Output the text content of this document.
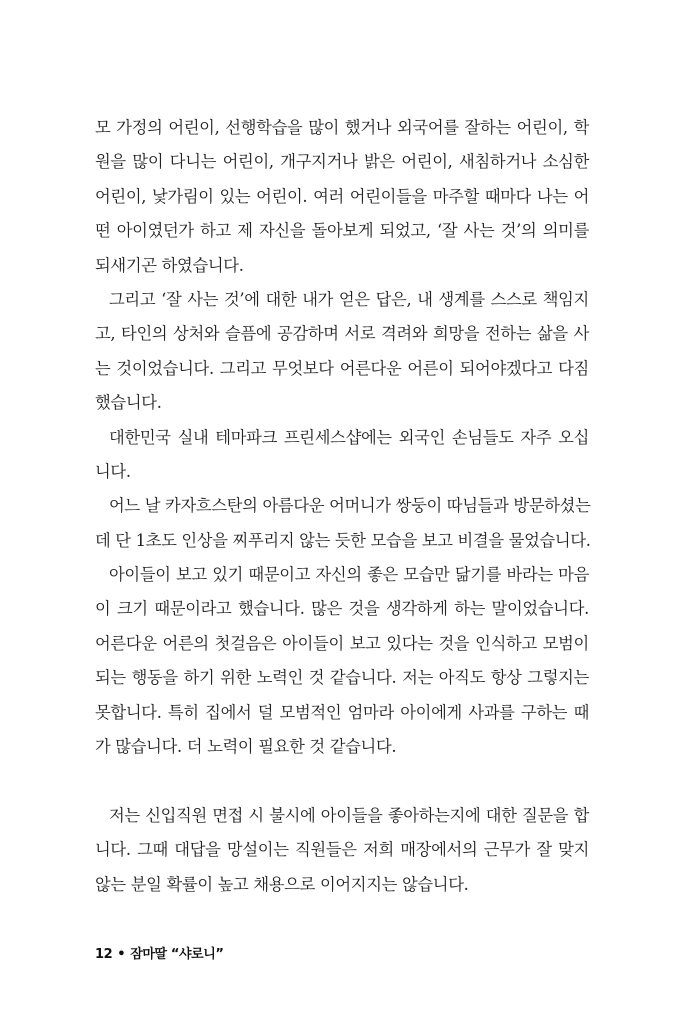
모 가정의 어린이, 선행학습을 많이 했거나 외국어를 잘하는 어린이, 학
원을 많이 다니는 어린이, 개구지거나 밝은 어린이, 새침하거나 소심한
어린이, 낯가림이 있는 어린이. 여러 어린이들을 마주할 때마다 나는 어
떤 아이였던가 하고 제 자신을 돌아보게 되었고, ‘잘 사는 것’의 의미를
되새기곤 하였습니다.
그리고 ‘잘 사는 것’에 대한 내가 얻은 답은, 내 생계를 스스로 책임지
고, 타인의 상처와 슬픔에 공감하며 서로 격려와 희망을 전하는 삶을 사
는 것이었습니다. 그리고 무엇보다 어른다운 어른이 되어야겠다고 다짐
했습니다.
대한민국 실내 테마파크 프린세스샵에는 외국인 손님들도 자주 오십
니다.
어느 날 카자흐스탄의 아름다운 어머니가 쌍둥이 따님들과 방문하셨는
데 단 1초도 인상을 찌푸리지 않는 듯한 모습을 보고 비결을 물었습니다.
아이들이 보고 있기 때문이고 자신의 좋은 모습만 닮기를 바라는 마음
이 크기 때문이라고 했습니다. 많은 것을 생각하게 하는 말이었습니다.
어른다운 어른의 첫걸음은 아이들이 보고 있다는 것을 인식하고 모범이
되는 행동을 하기 위한 노력인 것 같습니다. 저는 아직도 항상 그렇지는
못합니다. 특히 집에서 덜 모범적인 엄마라 아이에게 사과를 구하는 때
가 많습니다. 더 노력이 필요한 것 같습니다.
저는 신입직원 면접 시 불시에 아이들을 좋아하는지에 대한 질문을 합
니다. 그때 대답을 망설이는 직원들은 저희 매장에서의 근무가 잘 맞지
않는 분일 확률이 높고 채용으로 이어지지는 않습니다.
12 • 잠마딸 “샤로니”
